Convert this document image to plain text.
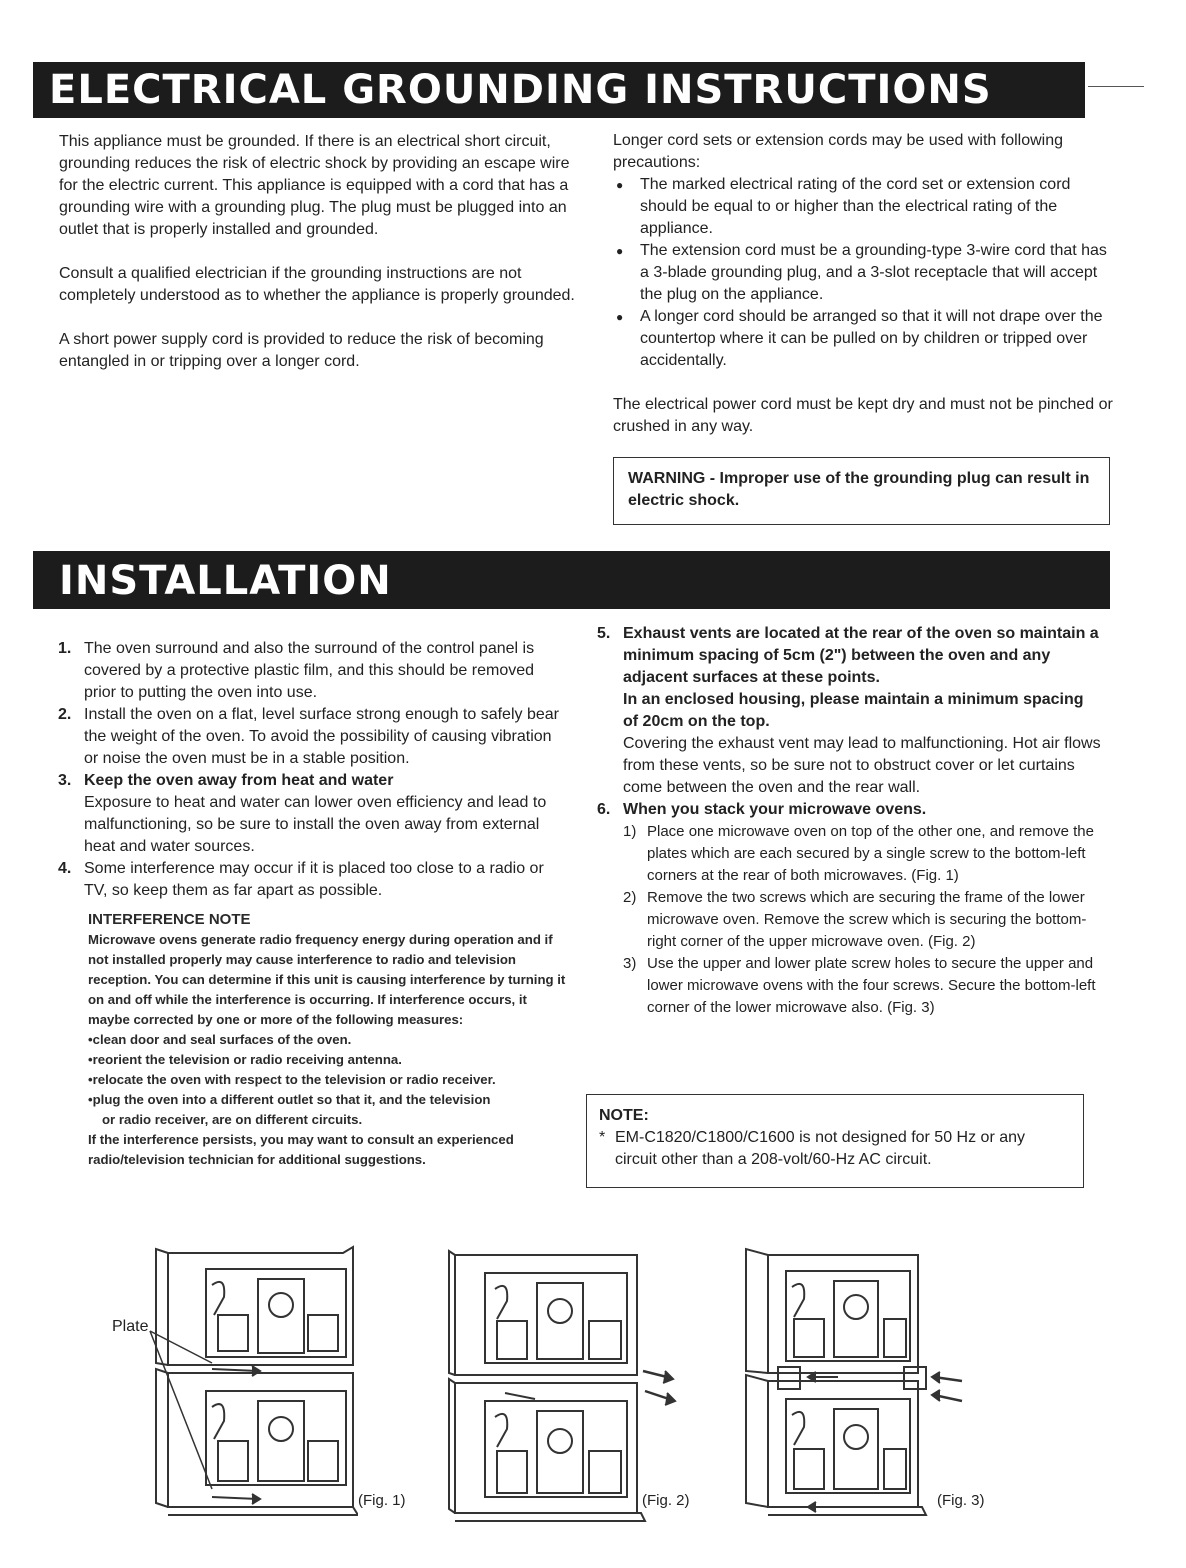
ELECTRICAL GROUNDING INSTRUCTIONS

This appliance must be grounded. If there is an electrical short circuit, grounding reduces the risk of electric shock by providing an escape wire for the electric current. This appliance is equipped with a cord that has a grounding wire with a grounding plug. The plug must be plugged into an outlet that is properly installed and grounded.

Consult a qualified electrician if the grounding instructions are not completely understood as to whether the appliance is properly grounded.

A short power supply cord is provided to reduce the risk of becoming entangled in or tripping over a longer cord.

Longer cord sets or extension cords may be used with following precautions:

● The marked electrical rating of the cord set or extension cord should be equal to or higher than the electrical rating of the appliance.
● The extension cord must be a grounding-type 3-wire cord that has a 3-blade grounding plug, and a 3-slot receptacle that will accept the plug on the appliance.
● A longer cord should be arranged so that it will not drape over the countertop where it can be pulled on by children or tripped over accidentally.

The electrical power cord must be kept dry and must not be pinched or crushed in any way.

WARNING - Improper use of the grounding plug can result in electric shock.
INSTALLATION
1. The oven surround and also the surround of the control panel is covered by a protective plastic film, and this should be removed prior to putting the oven into use.
2. Install the oven on a flat, level surface strong enough to safely bear the weight of the oven. To avoid the possibility of causing vibration or noise the oven must be in a stable position.
3. Keep the oven away from heat and water
Exposure to heat and water can lower oven efficiency and lead to malfunctioning, so be sure to install the oven away from external heat and water sources.
4. Some interference may occur if it is placed too close to a radio or TV, so keep them as far apart as possible.
INTERFERENCE NOTE
Microwave ovens generate radio frequency energy during operation and if not installed properly may cause interference to radio and television reception. You can determine if this unit is causing interference by turning it on and off while the interference is occurring. If interference occurs, it maybe corrected by one or more of the following measures:
•clean door and seal surfaces of the oven.
•reorient the television or radio receiving antenna.
•relocate the oven with respect to the television or radio receiver.
•plug the oven into a different outlet so that it, and the television
or radio receiver, are on different circuits.
If the interference persists, you may want to consult an experienced radio/television technician for additional suggestions.
5. Exhaust vents are located at the rear of the oven so maintain a minimum spacing of 5cm (2") between the oven and any adjacent surfaces at these points.
In an enclosed housing, please maintain a minimum spacing of 20cm on the top.
Covering the exhaust vent may lead to malfunctioning. Hot air flows from these vents, so be sure not to obstruct cover or let curtains come between the oven and the rear wall.
6. When you stack your microwave ovens.
1) Place one microwave oven on top of the other one, and remove the plates which are each secured by a single screw to the bottom-left corners at the rear of both microwaves. (Fig. 1)
2) Remove the two screws which are securing the frame of the lower microwave oven. Remove the screw which is securing the bottom-right corner of the upper microwave oven. (Fig. 2)
3) Use the upper and lower plate screw holes to secure the upper and lower microwave ovens with the four screws. Secure the bottom-left corner of the lower microwave also. (Fig. 3)
NOTE:
* EM-C1820/C1800/C1600 is not designed for 50 Hz or any circuit other than a 208-volt/60-Hz AC circuit.
Plate
(Fig. 1)	(Fig. 2)	(Fig. 3)
